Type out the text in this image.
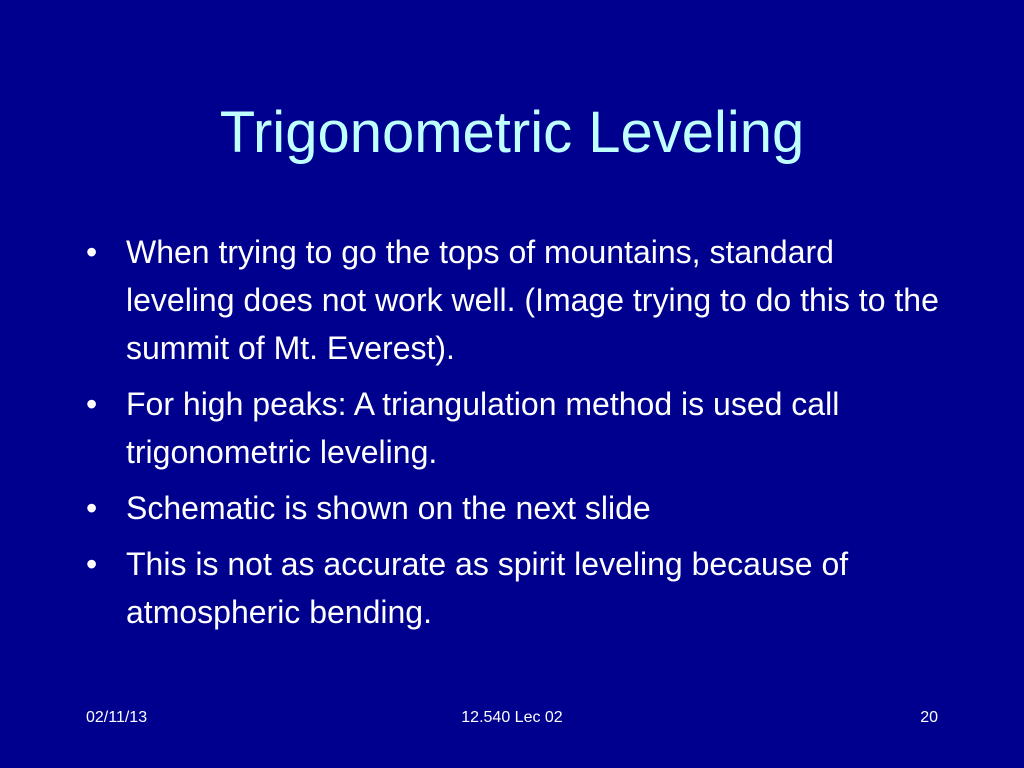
Trigonometric Leveling
• When trying to go the tops of mountains, standard leveling does not work well. (Image trying to do this to the summit of Mt. Everest).
• For high peaks: A triangulation method is used call trigonometric leveling.
• Schematic is shown on the next slide
• This is not as accurate as spirit leveling because of atmospheric bending.
02/11/13	12.540 Lec 02	20
